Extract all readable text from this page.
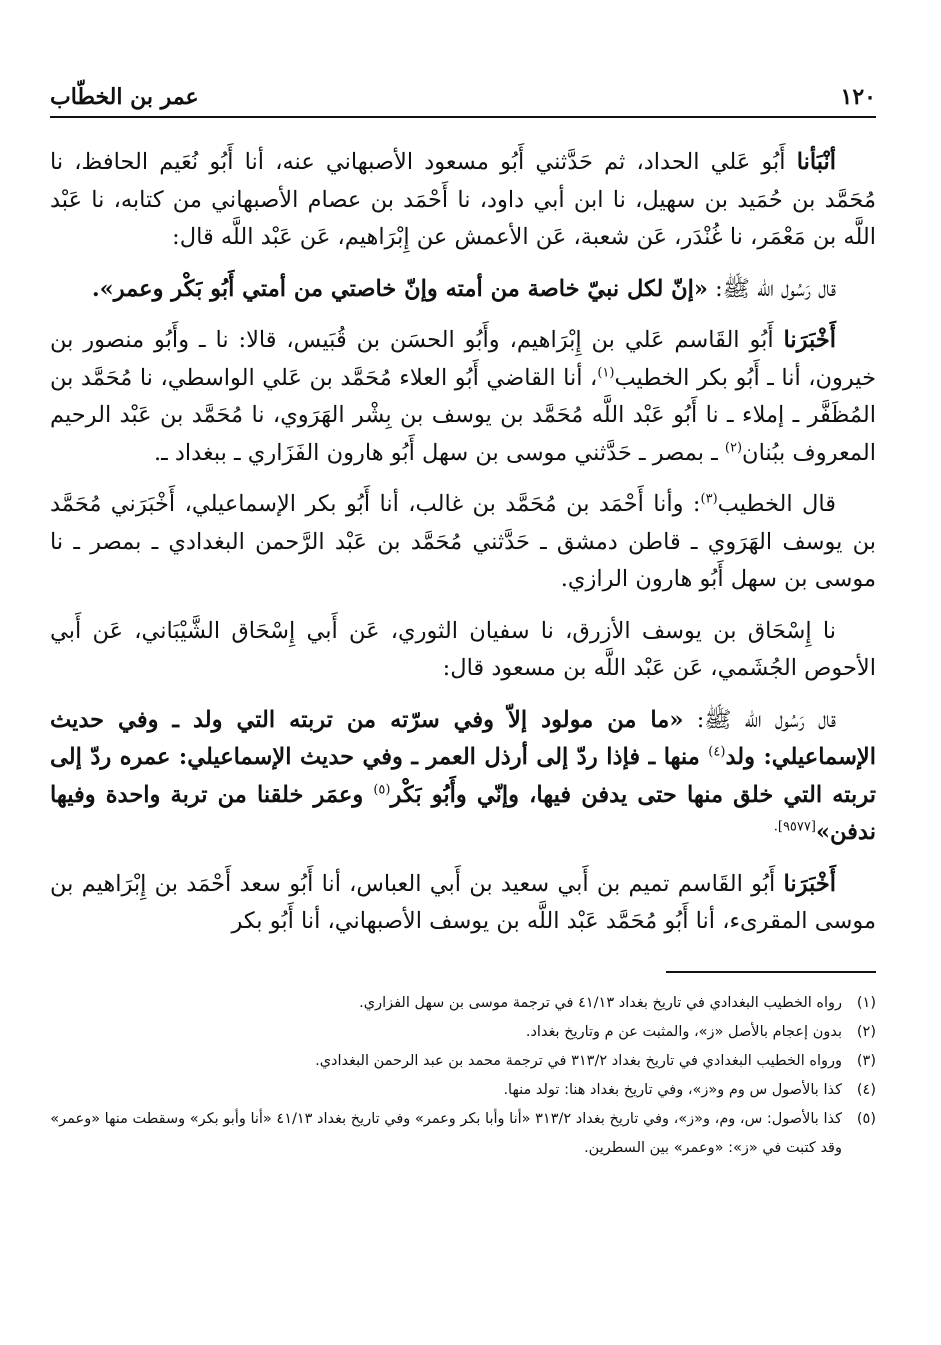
١٢٠
عمر بن الخطّاب

أنْبَأنا أَبُو عَلي الحداد، ثم حَدَّثني أَبُو مسعود الأصبهاني عنه، أنا أَبُو نُعَيم الحافظ، نا مُحَمَّد بن حُمَيد بن سهيل، نا ابن أبي داود، نا أَحْمَد بن عصام الأصبهاني من كتابه، نا عَبْد اللَّه بن مَعْمَر، نا غُنْدَر، عَن شعبة، عَن الأعمش عن إِبْرَاهيم، عَن عَبْد اللَّه قال:

قال رَسُول الله ﷺ: «إنّ لكل نبيّ خاصة من أمته وإنّ خاصتي من أمتي أَبُو بَكْر وعمر».

أَخْبَرَنا أَبُو القَاسم عَلي بن إِبْرَاهيم، وأَبُو الحسَن بن قُبَيس، قالا: نا ـ وأَبُو منصور بن خيرون، أنا ـ أَبُو بكر الخطيب$^{(١)}$، أنا القاضي أَبُو العلاء مُحَمَّد بن عَلي الواسطي، نا مُحَمَّد بن المُظَفَّر ـ إملاء ـ نا أَبُو عَبْد اللَّه مُحَمَّد بن يوسف بن بِشْر الهَرَوي، نا مُحَمَّد بن عَبْد الرحيم المعروف ببُنان$^{(٢)}$ ـ بمصر ـ حَدَّثني موسى بن سهل أَبُو هارون الفَزَاري ـ ببغداد ـ.

قال الخطيب$^{(٣)}$: وأنا أَحْمَد بن مُحَمَّد بن غالب، أنا أَبُو بكر الإسماعيلي، أَخْبَرَني مُحَمَّد بن يوسف الهَرَوي ـ قاطن دمشق ـ حَدَّثني مُحَمَّد بن عَبْد الرَّحمن البغدادي ـ بمصر ـ نا موسى بن سهل أَبُو هارون الرازي.

نا إِسْحَاق بن يوسف الأزرق، نا سفيان الثوري، عَن أَبي إِسْحَاق الشَّيْبَاني، عَن أَبي الأحوص الجُشَمي، عَن عَبْد اللَّه بن مسعود قال:

قال رَسُول الله ﷺ: «ما من مولود إلاّ وفي سرّته من تربته التي ولد ـ وفي حديث الإسماعيلي: ولد$^{(٤)}$ منها ـ فإذا ردّ إلى أرذل العمر ـ وفي حديث الإسماعيلي: عمره ردّ إلى تربته التي خلق منها حتى يدفن فيها، وإنّي وأَبُو بَكْر$^{(٥)}$ وعمَر خلقنا من تربة واحدة وفيها ندفن»$^{[٩٥٧٧].}$

أَخْبَرَنا أَبُو القَاسم تميم بن أَبي سعيد بن أَبي العباس، أنا أَبُو سعد أَحْمَد بن إِبْرَاهيم بن موسى المقرىء، أنا أَبُو مُحَمَّد عَبْد اللَّه بن يوسف الأصبهاني، أنا أَبُو بكر

(١)
رواه الخطيب البغدادي في تاريخ بغداد ٤١/١٣ في ترجمة موسى بن سهل الفزاري.
(٢)
بدون إعجام بالأصل «ز»، والمثبت عن م وتاريخ بغداد.
(٣)
ورواه الخطيب البغدادي في تاريخ بغداد ٣١٣/٢ في ترجمة محمد بن عبد الرحمن البغدادي.
(٤)
كذا بالأصول س وم و«ز»، وفي تاريخ بغداد هنا: تولد منها.
(٥)
كذا بالأصول: س، وم، و«ز»، وفي تاريخ بغداد ٣١٣/٢ «أنا وأبا بكر وعمر» وفي تاريخ بغداد ٤١/١٣ «أنا وأبو بكر» وسقطت منها «وعمر» وقد كتبت في «ز»: «وعمر» بين السطرين.
